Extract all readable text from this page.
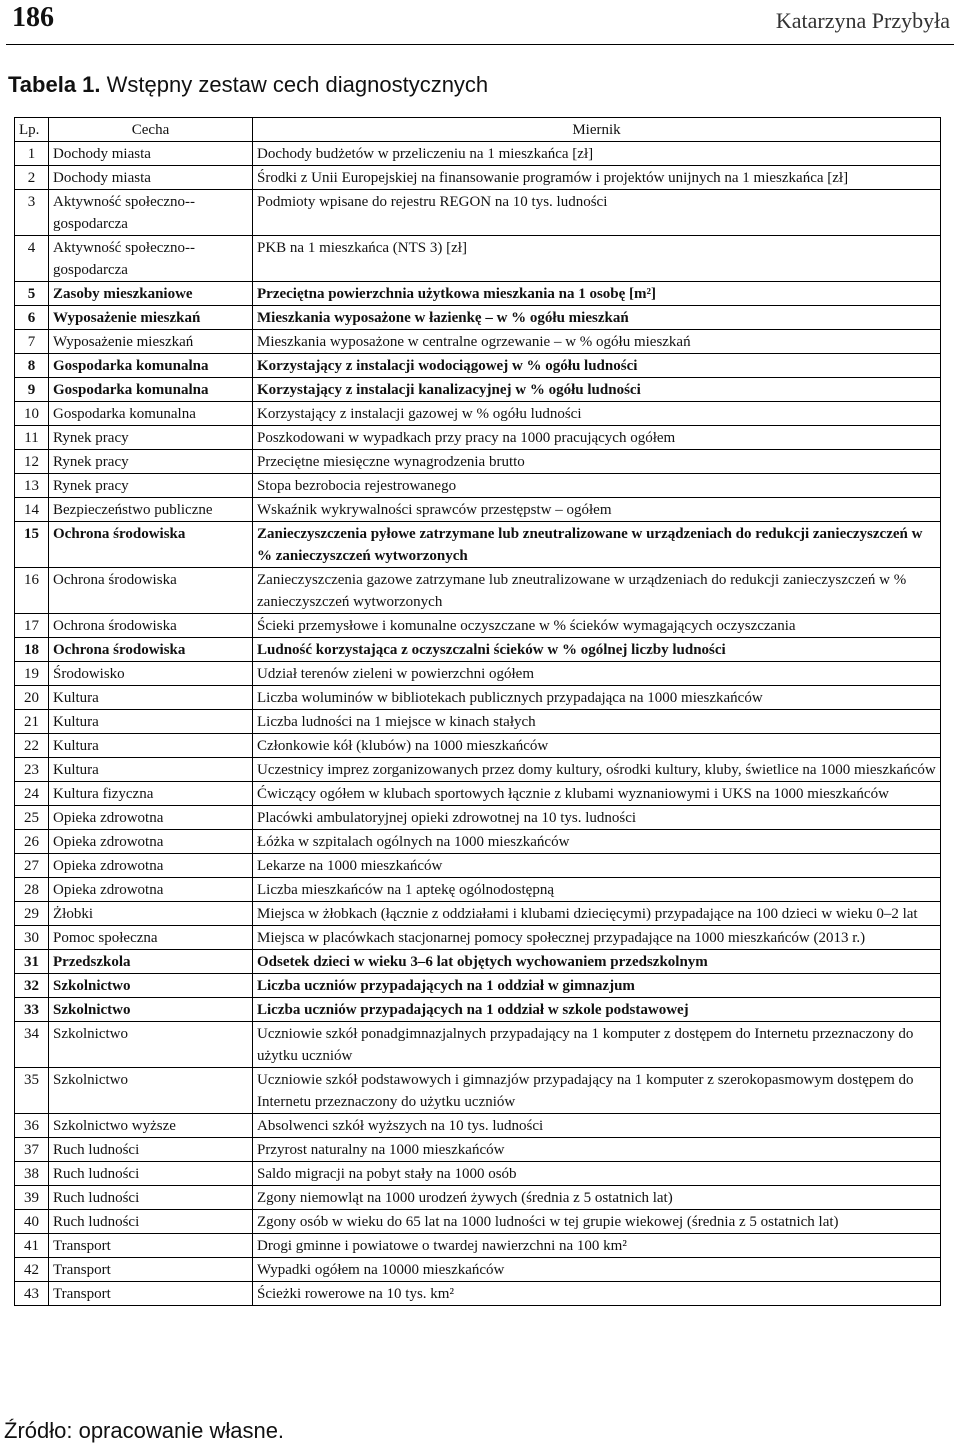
186	Katarzyna Przybyła
Tabela 1. Wstępny zestaw cech diagnostycznych
Lp.	Cecha	Miernik
1	Dochody miasta	Dochody budżetów w przeliczeniu na 1 mieszkańca [zł]
2	Dochody miasta	Środki z Unii Europejskiej na finansowanie programów i projektów unijnych na 1 mieszkańca [zł]
3	Aktywność społeczno--gospodarcza	Podmioty wpisane do rejestru REGON na 10 tys. ludności
4	Aktywność społeczno--gospodarcza	PKB na 1 mieszkańca (NTS 3) [zł]
5	Zasoby mieszkaniowe	Przeciętna powierzchnia użytkowa mieszkania na 1 osobę [m²]
6	Wyposażenie mieszkań	Mieszkania wyposażone w łazienkę – w % ogółu mieszkań
7	Wyposażenie mieszkań	Mieszkania wyposażone w centralne ogrzewanie – w % ogółu mieszkań
8	Gospodarka komunalna	Korzystający z instalacji wodociągowej w % ogółu ludności
9	Gospodarka komunalna	Korzystający z instalacji kanalizacyjnej w % ogółu ludności
10	Gospodarka komunalna	Korzystający z instalacji gazowej w % ogółu ludności
11	Rynek pracy	Poszkodowani w wypadkach przy pracy na 1000 pracujących ogółem
12	Rynek pracy	Przeciętne miesięczne wynagrodzenia brutto
13	Rynek pracy	Stopa bezrobocia rejestrowanego
14	Bezpieczeństwo publiczne	Wskaźnik wykrywalności sprawców przestępstw – ogółem
15	Ochrona środowiska	Zanieczyszczenia pyłowe zatrzymane lub zneutralizowane w urządzeniach do redukcji zanieczyszczeń w % zanieczyszczeń wytworzonych
16	Ochrona środowiska	Zanieczyszczenia gazowe zatrzymane lub zneutralizowane w urządzeniach do redukcji zanieczyszczeń w % zanieczyszczeń wytworzonych
17	Ochrona środowiska	Ścieki przemysłowe i komunalne oczyszczane w % ścieków wymagających oczyszczania
18	Ochrona środowiska	Ludność korzystająca z oczyszczalni ścieków w % ogólnej liczby ludności
19	Środowisko	Udział terenów zieleni w powierzchni ogółem
20	Kultura	Liczba woluminów w bibliotekach publicznych przypadająca na 1000 mieszkańców
21	Kultura	Liczba ludności na 1 miejsce w kinach stałych
22	Kultura	Członkowie kół (klubów) na 1000 mieszkańców
23	Kultura	Uczestnicy imprez zorganizowanych przez domy kultury, ośrodki kultury, kluby, świetlice na 1000 mieszkańców
24	Kultura fizyczna	Ćwiczący ogółem w klubach sportowych łącznie z klubami wyznaniowymi i UKS na 1000 mieszkańców
25	Opieka zdrowotna	Placówki ambulatoryjnej opieki zdrowotnej na 10 tys. ludności
26	Opieka zdrowotna	Łóżka w szpitalach ogólnych na 1000 mieszkańców
27	Opieka zdrowotna	Lekarze na 1000 mieszkańców
28	Opieka zdrowotna	Liczba mieszkańców na 1 aptekę ogólnodostępną
29	Żłobki	Miejsca w żłobkach (łącznie z oddziałami i klubami dziecięcymi) przypadające na 100 dzieci w wieku 0–2 lat
30	Pomoc społeczna	Miejsca w placówkach stacjonarnej pomocy społecznej przypadające na 1000 mieszkańców (2013 r.)
31	Przedszkola	Odsetek dzieci w wieku 3–6 lat objętych wychowaniem przedszkolnym
32	Szkolnictwo	Liczba uczniów przypadających na 1 oddział w gimnazjum
33	Szkolnictwo	Liczba uczniów przypadających na 1 oddział w szkole podstawowej
34	Szkolnictwo	Uczniowie szkół ponadgimnazjalnych przypadający na 1 komputer z dostępem do Internetu przeznaczony do użytku uczniów
35	Szkolnictwo	Uczniowie szkół podstawowych i gimnazjów przypadający na 1 komputer z szerokopasmowym dostępem do Internetu przeznaczony do użytku uczniów
36	Szkolnictwo wyższe	Absolwenci szkół wyższych na 10 tys. ludności
37	Ruch ludności	Przyrost naturalny na 1000 mieszkańców
38	Ruch ludności	Saldo migracji na pobyt stały na 1000 osób
39	Ruch ludności	Zgony niemowląt na 1000 urodzeń żywych (średnia z 5 ostatnich lat)
40	Ruch ludności	Zgony osób w wieku do 65 lat na 1000 ludności w tej grupie wiekowej (średnia z 5 ostatnich lat)
41	Transport	Drogi gminne i powiatowe o twardej nawierzchni na 100 km²
42	Transport	Wypadki ogółem na 10000 mieszkańców
43	Transport	Ścieżki rowerowe na 10 tys. km²
Źródło: opracowanie własne.
